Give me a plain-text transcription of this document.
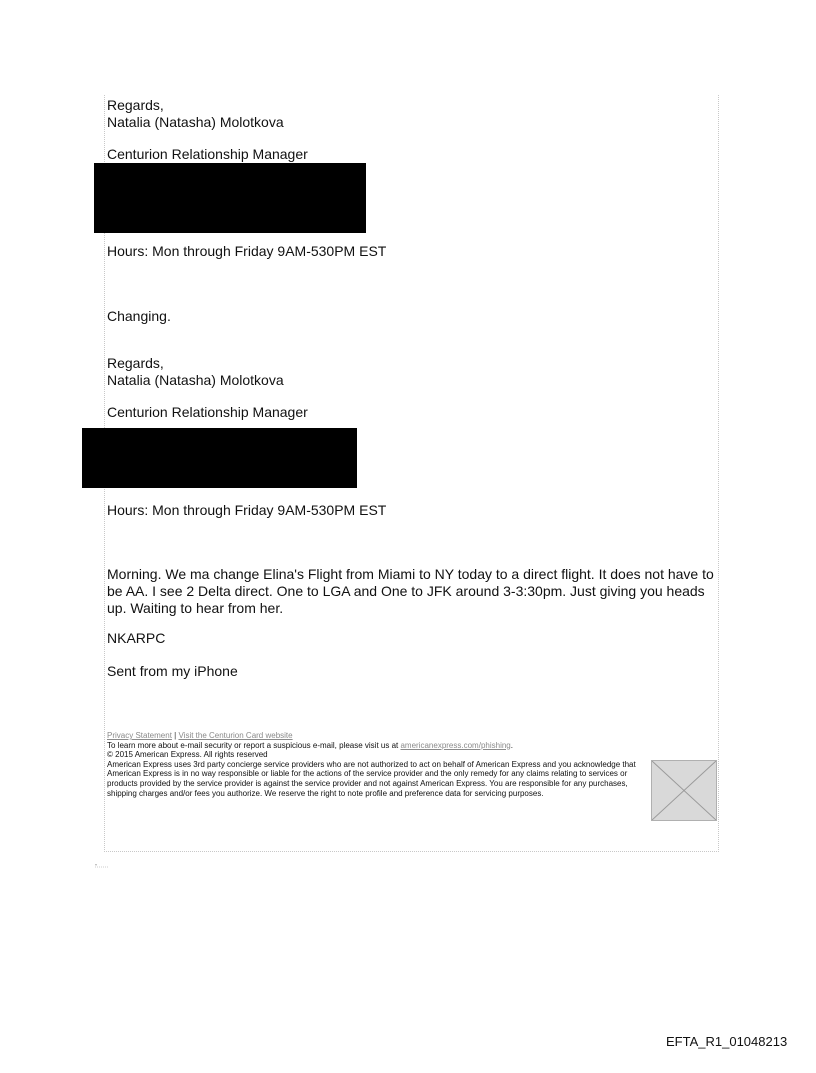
Regards,
Natalia (Natasha) Molotkova
Centurion Relationship Manager
Hours: Mon through Friday 9AM-530PM EST
Changing.
Regards,
Natalia (Natasha) Molotkova
Centurion Relationship Manager
Hours: Mon through Friday 9AM-530PM EST
Morning. We ma change Elina's Flight from Miami to NY today to a direct flight. It does not have to be AA. I see 2 Delta direct. One to LGA and One to JFK around 3-3:30pm. Just giving you heads up. Waiting to hear from her.
NKARPC
Sent from my iPhone
Privacy Statement | Visit the Centurion Card website
To learn more about e-mail security or report a suspicious e-mail, please visit us at americanexpress.com/phishing.
© 2015 American Express. All rights reserved
American Express uses 3rd party concierge service providers who are not authorized to act on behalf of American Express and you acknowledge that American Express is in no way responsible or liable for the actions of the service provider and the only remedy for any claims relating to services or products provided by the service provider is against the service provider and not against American Express. You are responsible for any purchases, shipping charges and/or fees you authorize. We reserve the right to note profile and preference data for servicing purposes.
EFTA_R1_01048213
